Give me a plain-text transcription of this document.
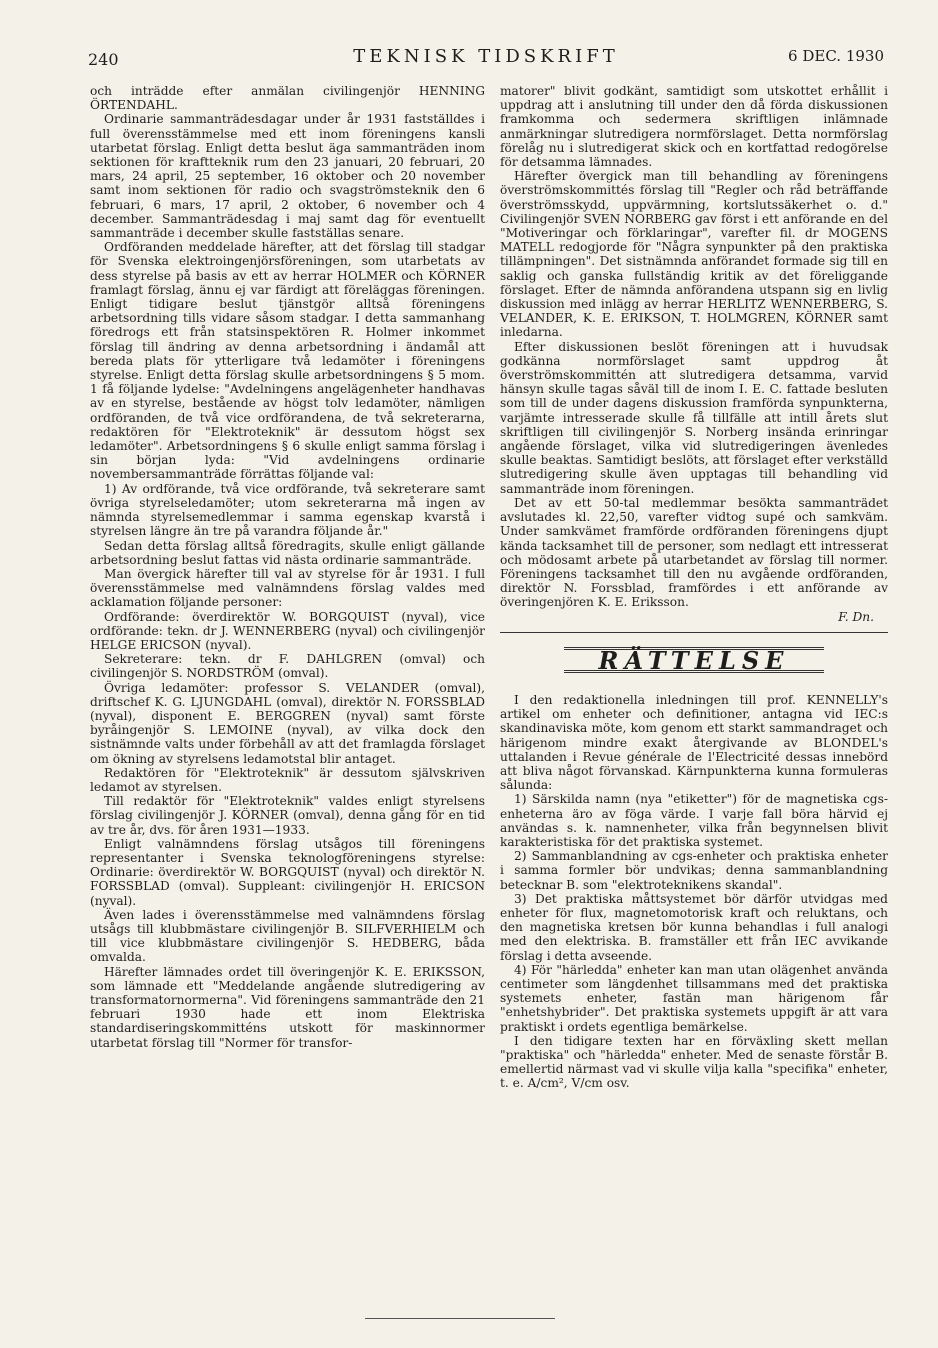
240	TEKNISK TIDSKRIFT	6 DEC. 1930

och inträdde efter anmälan civilingenjör HENNING ÖRTENDAHL.

Ordinarie sammanträdesdagar under år 1931 fastställdes i full överensstämmelse med ett inom föreningens kansli utarbetat förslag. Enligt detta beslut äga sammanträden inom sektionen för kraftteknik rum den 23 januari, 20 februari, 20 mars, 24 april, 25 september, 16 oktober och 20 november samt inom sektionen för radio och svagströmsteknik den 6 februari, 6 mars, 17 april, 2 oktober, 6 november och 4 december. Sammanträdesdag i maj samt dag för eventuellt sammanträde i december skulle fastställas senare.

Ordföranden meddelade härefter, att det förslag till stadgar för Svenska elektroingenjörsföreningen, som utarbetats av dess styrelse på basis av ett av herrar HOLMER och KÖRNER framlagt förslag, ännu ej var färdigt att föreläggas föreningen. Enligt tidigare beslut tjänstgör alltså föreningens arbetsordning tills vidare såsom stadgar. I detta sammanhang föredrogs ett från statsinspektören R. Holmer inkommet förslag till ändring av denna arbetsordning i ändamål att bereda plats för ytterligare två ledamöter i föreningens styrelse. Enligt detta förslag skulle arbetsordningens § 5 mom. 1 få följande lydelse: "Avdelningens angelägenheter handhavas av en styrelse, bestående av högst tolv ledamöter, nämligen ordföranden, de två vice ordförandena, de två sekreterarna, redaktören för "Elektroteknik" är dessutom högst sex ledamöter". Arbetsordningens § 6 skulle enligt samma förslag i sin början lyda: "Vid avdelningens ordinarie novembersammanträde förrättas följande val:

1) Av ordförande, två vice ordförande, två sekreterare samt övriga styrelseledamöter; utom sekreterarna må ingen av nämnda styrelsemedlemmar i samma egenskap kvarstå i styrelsen längre än tre på varandra följande år."

Sedan detta förslag alltså föredragits, skulle enligt gällande arbetsordning beslut fattas vid nästa ordinarie sammanträde.

Man övergick härefter till val av styrelse för år 1931. I full överensstämmelse med valnämndens förslag valdes med acklamation följande personer:

Ordförande: överdirektör W. BORGQUIST (nyval), vice ordförande: tekn. dr J. WENNERBERG (nyval) och civilingenjör HELGE ERICSON (nyval).

Sekreterare: tekn. dr F. DAHLGREN (omval) och civilingenjör S. NORDSTRÖM (omval).

Övriga ledamöter: professor S. VELANDER (omval), driftschef K. G. LJUNGDAHL (omval), direktör N. FORSSBLAD (nyval), disponent E. BERGGREN (nyval) samt förste byråingenjör S. LEMOINE (nyval), av vilka dock den sistnämnde valts under förbehåll av att det framlagda förslaget om ökning av styrelsens ledamotstal blir antaget.

Redaktören för "Elektroteknik" är dessutom självskriven ledamot av styrelsen.

Till redaktör för "Elektroteknik" valdes enligt styrelsens förslag civilingenjör J. KÖRNER (omval), denna gång för en tid av tre år, dvs. för åren 1931—1933.

Enligt valnämndens förslag utsågos till föreningens representanter i Svenska teknologföreningens styrelse: Ordinarie: överdirektör W. BORGQUIST (nyval) och direktör N. FORSSBLAD (omval). Suppleant: civilingenjör H. ERICSON (nyval).

Även lades i överensstämmelse med valnämndens förslag utsågs till klubbmästare civilingenjör B. SILFVERHIELM och till vice klubbmästare civilingenjör S. HEDBERG, båda omvalda.

Härefter lämnades ordet till överingenjör K. E. ERIKSSON, som lämnade ett "Meddelande angående slutredigering av transformatornormerna". Vid föreningens sammanträde den 21 februari 1930 hade ett inom Elektriska standardiseringskommitténs utskott för maskinnormer utarbetat förslag till "Normer för transfor-

matorer" blivit godkänt, samtidigt som utskottet erhållit i uppdrag att i anslutning till under den då förda diskussionen framkomma och sedermera skriftligen inlämnade anmärkningar slutredigera normförslaget. Detta normförslag förelåg nu i slutredigerat skick och en kortfattad redogörelse för detsamma lämnades.

Härefter övergick man till behandling av föreningens överströmskommittés förslag till "Regler och råd beträffande överströmsskydd, uppvärmning, kortslutssäkerhet o. d." Civilingenjör SVEN NORBERG gav först i ett anförande en del "Motiveringar och förklaringar", varefter fil. dr MOGENS MATELL redogjorde för "Några synpunkter på den praktiska tillämpningen". Det sistnämnda anförandet formade sig till en saklig och ganska fullständig kritik av det föreliggande förslaget. Efter de nämnda anförandena utspann sig en livlig diskussion med inlägg av herrar HERLITZ WENNERBERG, S. VELANDER, K. E. ERIKSON, T. HOLMGREN, KÖRNER samt inledarna.

Efter diskussionen beslöt föreningen att i huvudsak godkänna normförslaget samt uppdrog åt överströmskommittén att slutredigera detsamma, varvid hänsyn skulle tagas såväl till de inom I. E. C. fattade besluten som till de under dagens diskussion framförda synpunkterna, varjämte intresserade skulle få tillfälle att intill årets slut skriftligen till civilingenjör S. Norberg insända erinringar angående förslaget, vilka vid slutredigeringen ävenledes skulle beaktas. Samtidigt beslöts, att förslaget efter verkställd slutredigering skulle även upptagas till behandling vid sammanträde inom föreningen.

Det av ett 50-tal medlemmar besökta sammanträdet avslutades kl. 22,50, varefter vidtog supé och samkväm. Under samkvämet framförde ordföranden föreningens djupt kända tacksamhet till de personer, som nedlagt ett intresserat och mödosamt arbete på utarbetandet av förslag till normer. Föreningens tacksamhet till den nu avgående ordföranden, direktör N. Forssblad, framfördes i ett anförande av överingenjören K. E. Eriksson.

F. Dn.
RÄTTELSE

I den redaktionella inledningen till prof. KENNELLY's artikel om enheter och definitioner, antagna vid IEC:s skandinaviska möte, kom genom ett starkt sammandraget och härigenom mindre exakt återgivande av BLONDEL's uttalanden i Revue générale de l'Electricité dessas innebörd att bliva något förvanskad. Kärnpunkterna kunna formuleras sålunda:

1) Särskilda namn (nya "etiketter") för de magnetiska cgs-enheterna äro av föga värde. I varje fall böra härvid ej användas s. k. namnenheter, vilka från begynnelsen blivit karakteristiska för det praktiska systemet.

2) Sammanblandning av cgs-enheter och praktiska enheter i samma formler bör undvikas; denna sammanblandning betecknar B. som "elektroteknikens skandal".

3) Det praktiska måttsystemet bör därför utvidgas med enheter för flux, magnetomotorisk kraft och reluktans, och den magnetiska kretsen bör kunna behandlas i full analogi med den elektriska. B. framställer ett från IEC avvikande förslag i detta avseende.

4) För "härledda" enheter kan man utan olägenhet använda centimeter som längdenhet tillsammans med det praktiska systemets enheter, fastän man härigenom får "enhetshybrider". Det praktiska systemets uppgift är att vara praktiskt i ordets egentliga bemärkelse.

I den tidigare texten har en förväxling skett mellan "praktiska" och "härledda" enheter. Med de senaste förstår B. emellertid närmast vad vi skulle vilja kalla "specifika" enheter, t. e. A/cm², V/cm osv.
